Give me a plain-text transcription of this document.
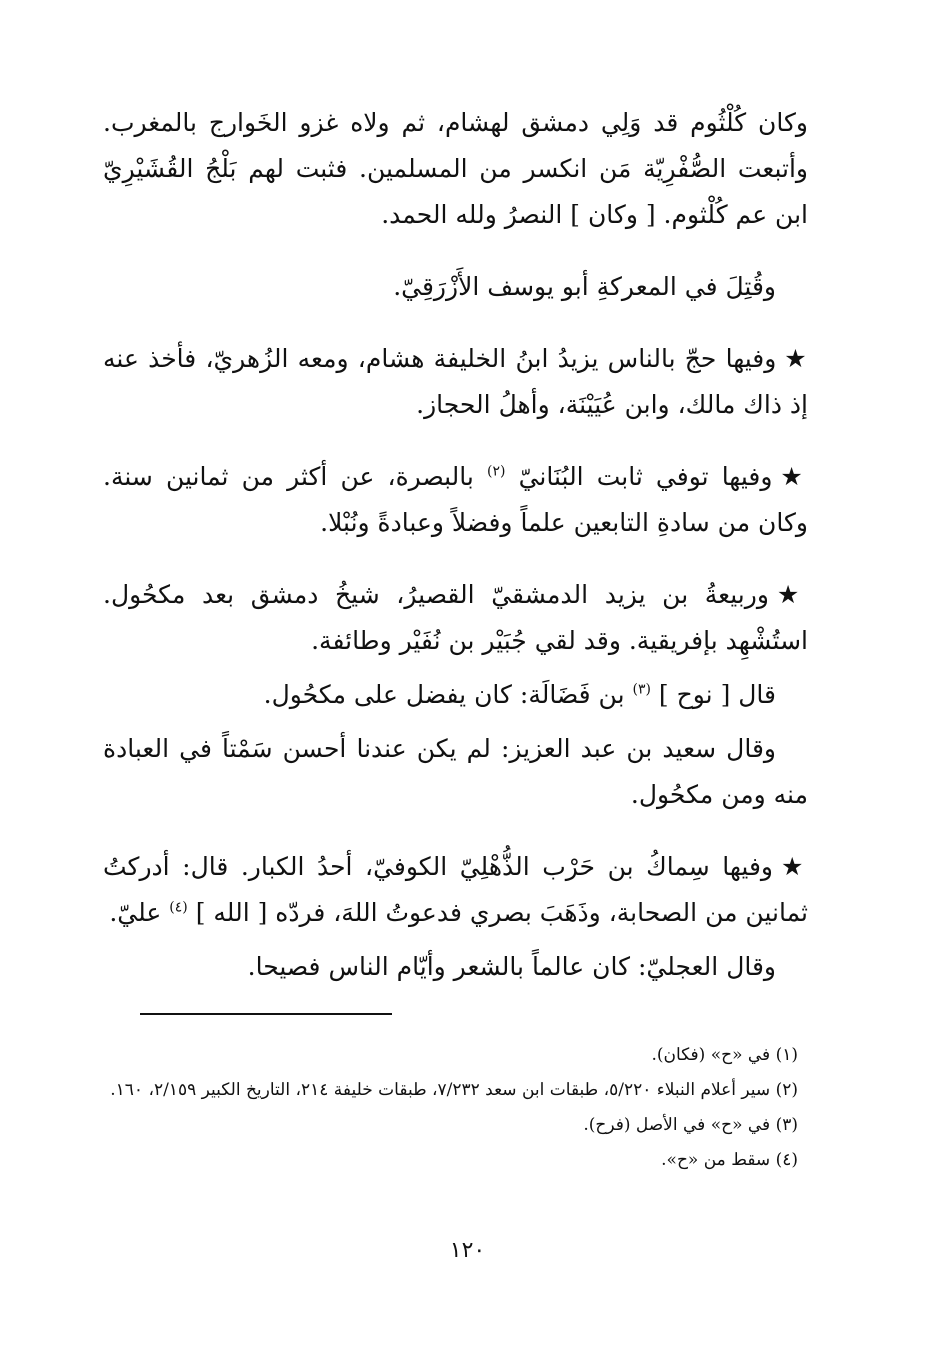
وكان كُلْثُوم قد وَلِي دمشق لهشام، ثم ولاه غزو الخَوارج بالمغرب. وأتبعت الصُّفْرِيّة مَن انكسر من المسلمين. فثبت لهم بَلْجُ القُشَيْرِيّ ابن عم كُلْثوم. [ وكان ] النصرُ ولله الحمد.

وقُتِلَ في المعركةِ أبو يوسف الأَزْرَقِيّ.

★وفيها حجّ بالناس يزيدُ ابنُ الخليفة هشام، ومعه الزُهريّ، فأخذ عنه إذ ذاك مالك، وابن عُيَيْنَة، وأهلُ الحجاز.

★وفيها توفي ثابت البُنَانيّ $^{(٢)}$ بالبصرة، عن أكثر من ثمانين سنة. وكان من سادةِ التابعين علماً وفضلاً وعبادةً ونُبْلا.

★وربيعةُ بن يزيد الدمشقيّ القصيرُ، شيخُ دمشق بعد مكحُول. استُشْهِد بإفريقية. وقد لقي جُبَيْر بن نُفَيْر وطائفة.

قال [ نوح ] $^{(٣)}$ بن فَضَالَة: كان يفضل على مكحُول.

وقال سعيد بن عبد العزيز: لم يكن عندنا أحسن سَمْتاً في العبادة منه ومن مكحُول.

★وفيها سِماكُ بن حَرْب الذُّهْلِيّ الكوفيّ، أحدُ الكبار. قال: أدركتُ ثمانين من الصحابة، وذَهَبَ بصري فدعوتُ اللهَ، فردّه [ الله ] $^{(٤)}$ عليّ.

وقال العجليّ: كان عالماً بالشعر وأيّام الناس فصيحا.

(١) في «ح» (فكان).

(٢) سير أعلام النبلاء ٥/٢٢٠، طبقات ابن سعد ٧/٢٣٢، طبقات خليفة ٢١٤، التاريخ الكبير ٢/١٥٩، ١٦٠.

(٣) في «ح» في الأصل (فرح).

(٤) سقط من «ح».

١٢٠
